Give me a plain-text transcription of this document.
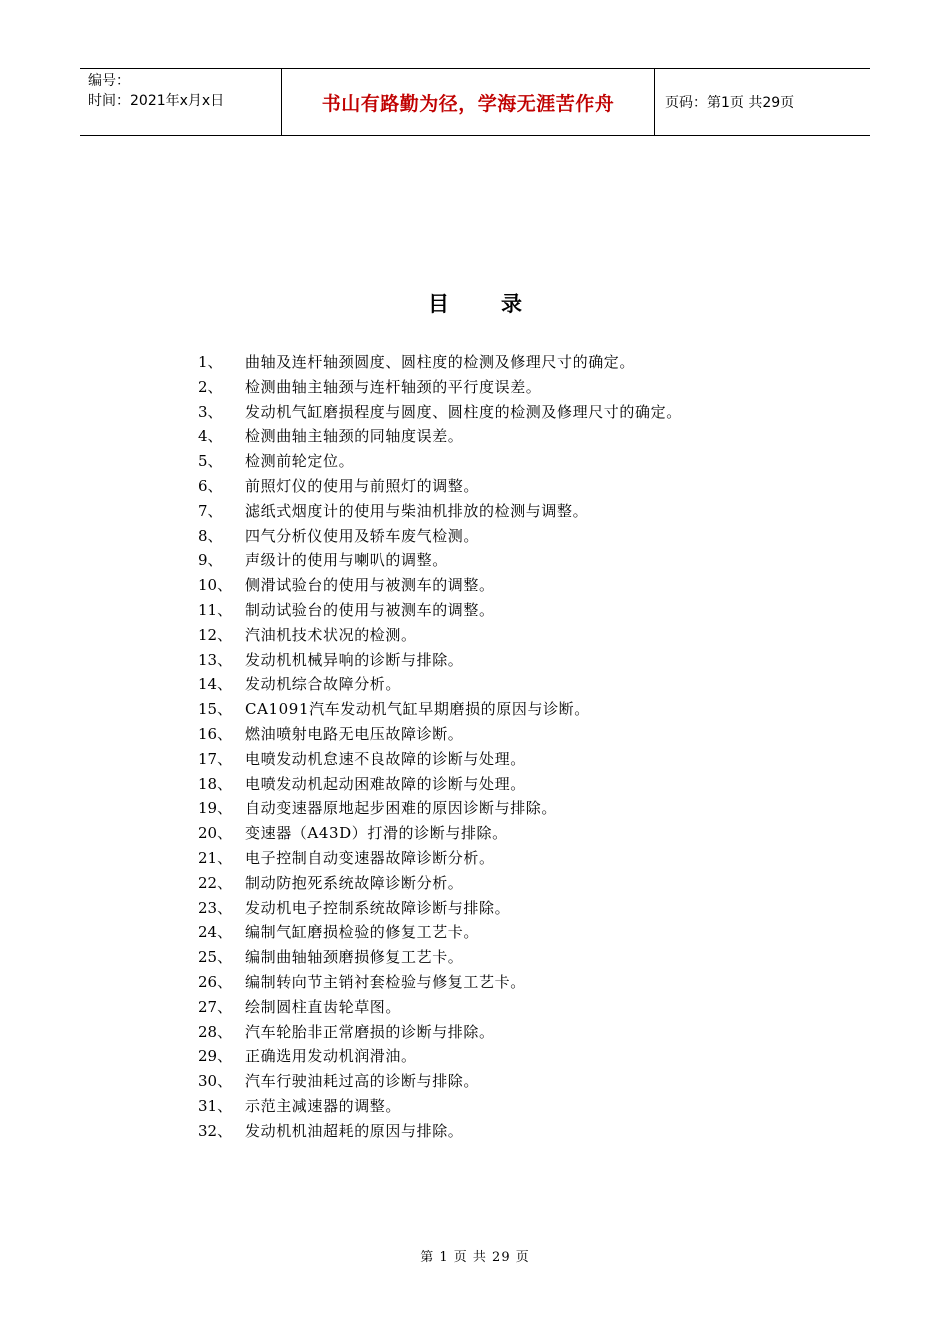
编号：
时间：2021年x月x日	书山有路勤为径，学海无涯苦作舟	页码：第1页 共29页
目录
1、	曲轴及连杆轴颈圆度、圆柱度的检测及修理尺寸的确定。
2、	检测曲轴主轴颈与连杆轴颈的平行度误差。
3、	发动机气缸磨损程度与圆度、圆柱度的检测及修理尺寸的确定。
4、	检测曲轴主轴颈的同轴度误差。
5、	检测前轮定位。
6、	前照灯仪的使用与前照灯的调整。
7、	滤纸式烟度计的使用与柴油机排放的检测与调整。
8、	四气分析仪使用及轿车废气检测。
9、	声级计的使用与喇叭的调整。
10、 侧滑试验台的使用与被测车的调整。
11、 制动试验台的使用与被测车的调整。
12、 汽油机技术状况的检测。
13、 发动机机械异响的诊断与排除。
14、 发动机综合故障分析。
15、 CA1091汽车发动机气缸早期磨损的原因与诊断。
16、 燃油喷射电路无电压故障诊断。
17、 电喷发动机怠速不良故障的诊断与处理。
18、 电喷发动机起动困难故障的诊断与处理。
19、 自动变速器原地起步困难的原因诊断与排除。
20、 变速器（A43D）打滑的诊断与排除。
21、 电子控制自动变速器故障诊断分析。
22、 制动防抱死系统故障诊断分析。
23、 发动机电子控制系统故障诊断与排除。
24、 编制气缸磨损检验的修复工艺卡。
25、 编制曲轴轴颈磨损修复工艺卡。
26、 编制转向节主销衬套检验与修复工艺卡。
27、 绘制圆柱直齿轮草图。
28、 汽车轮胎非正常磨损的诊断与排除。
29、 正确选用发动机润滑油。
30、 汽车行驶油耗过高的诊断与排除。
31、 示范主减速器的调整。
32、 发动机机油超耗的原因与排除。
第 1 页 共 29 页
